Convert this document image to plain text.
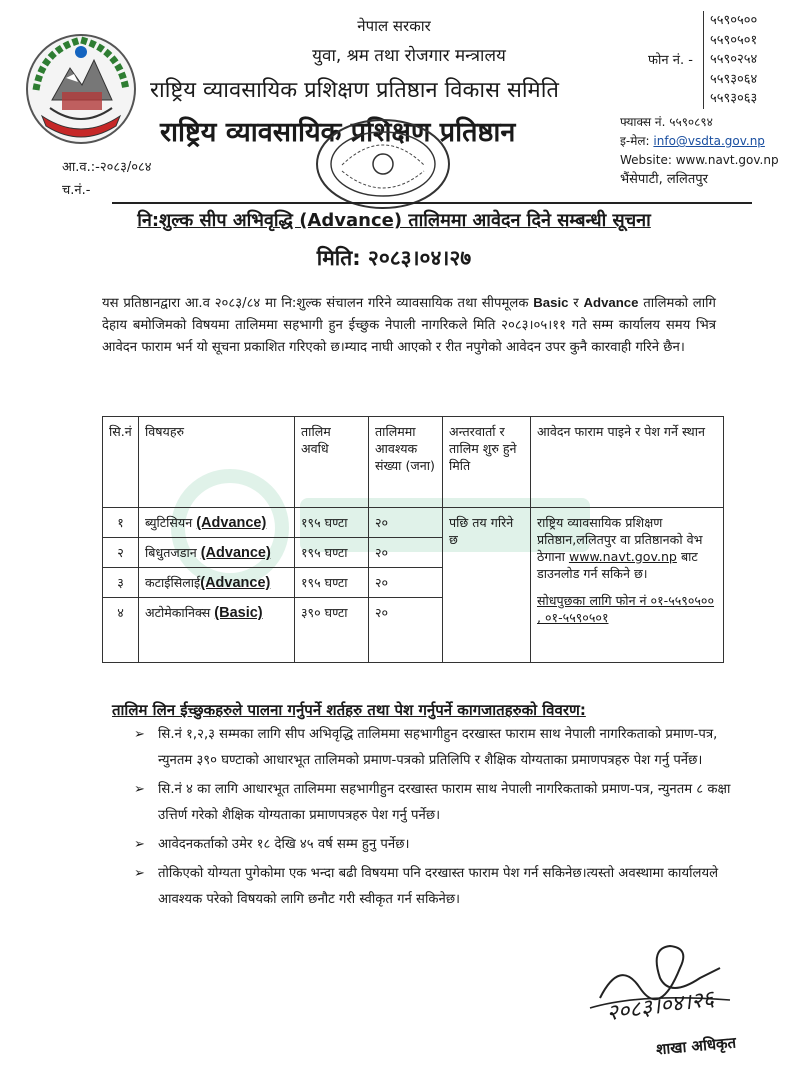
नेपाल सरकार
युवा, श्रम तथा रोजगार मन्त्रालय
राष्ट्रिय व्यावसायिक प्रशिक्षण प्रतिष्ठान विकास समिति
राष्ट्रिय व्यावसायिक प्रशिक्षण प्रतिष्ठान
फोन नं. -
५५९०५००
५५९०५०१
५५९०२५४
५५९३०६४
५५९३०६३
फ्याक्स नं. ५५९०८९४
इ-मेल: info@vsdta.gov.np
Website: www.navt.gov.np
भैंसेपाटी, ललितपुर
आ.व.:-२०८३/०८४
च.नं.-
नि:शुल्क सीप अभिवृद्धि (Advance) तालिममा आवेदन दिने सम्बन्धी सूचना
मिति: २०८३।०४।२७
यस प्रतिष्ठानद्वारा आ.व २०८३/८४ मा नि:शुल्क संचालन गरिने व्यावसायिक तथा सीपमूलक Basic र Advance तालिमको लागि देहाय बमोजिमको विषयमा तालिममा सहभागी हुन ईच्छुक नेपाली नागरिकले मिति २०८३।०५।११ गते सम्म कार्यालय समय भित्र आवेदन फाराम भर्न यो सूचना प्रकाशित गरिएको छ।म्याद नाघी आएको र रीत नपुगेको आवेदन उपर कुनै कारवाही गरिने छैन।
सि.नं	विषयहरु	तालिम अवधि	तालिममा आवश्यक संख्या (जना)	अन्तरवार्ता र तालिम शुरु हुने मिति	आवेदन फाराम पाइने र पेश गर्ने स्थान
१	ब्युटिसियन (Advance)	१९५ घण्टा	२०	पछि तय गरिने छ	राष्ट्रिय व्यावसायिक प्रशिक्षण प्रतिष्ठान,ललितपुर वा प्रतिष्ठानको वेभ ठेगाना www.navt.gov.np बाट डाउनलोड गर्न सकिने छ।
सोधपुछका लागि फोन नं ०१-५५९०५०० , ०१-५५९०५०१

२	बिधुतजडान (Advance)	१९५ घण्टा	२०		
३	कटाईसिलाई(Advance)	१९५ घण्टा	२०		
४	अटोमेकानिक्स (Basic)	३९० घण्टा	२०		
तालिम लिन ईच्छुकहरुले पालना गर्नुपर्ने शर्तहरु तथा पेश गर्नुपर्ने कागजातहरुको विवरण:
➢ सि.नं १,२,३ सम्मका लागि सीप अभिवृद्धि तालिममा सहभागीहुन दरखास्त फाराम साथ नेपाली नागरिकताको प्रमाण-पत्र, न्युनतम ३९० घण्टाको आधारभूत तालिमको प्रमाण-पत्रको प्रतिलिपि र शैक्षिक योग्यताका प्रमाणपत्रहरु पेश गर्नु पर्नेछ।
➢ सि.नं ४ का लागि आधारभूत तालिममा सहभागीहुन दरखास्त फाराम साथ नेपाली नागरिकताको प्रमाण-पत्र, न्युनतम ८ कक्षा उत्तिर्ण गरेको शैक्षिक योग्यताका प्रमाणपत्रहरु पेश गर्नु पर्नेछ।
➢ आवेदनकर्ताको उमेर १८ देखि ४५ वर्ष सम्म हुनु पर्नेछ।
➢ तोकिएको योग्यता पुगेकोमा एक भन्दा बढी विषयमा पनि दरखास्त फाराम पेश गर्न सकिनेछ।त्यस्तो अवस्थामा कार्यालयले आवश्यक परेको विषयको लागि छनौट गरी स्वीकृत गर्न सकिनेछ।
२०८३।०४।२६
शाखा अधिकृत
